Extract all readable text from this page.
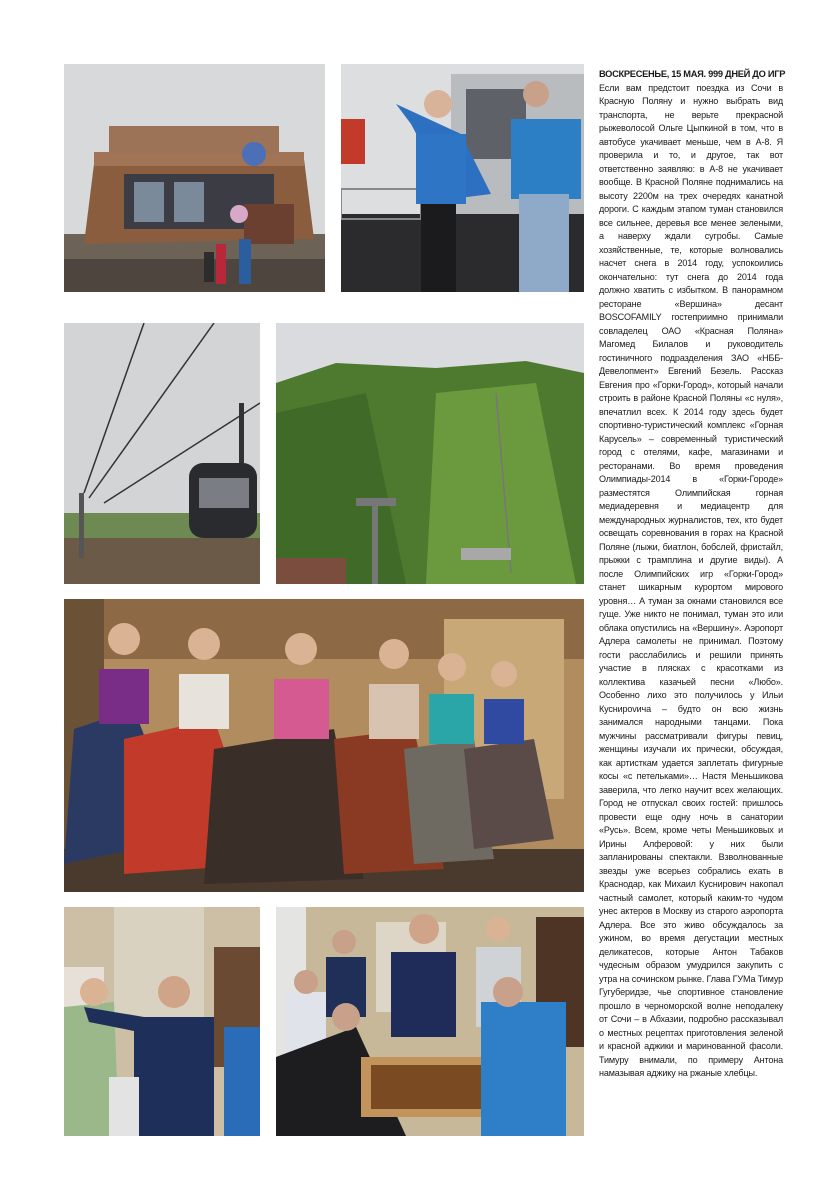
ВОСКРЕСЕНЬЕ, 15 МАЯ. 999 ДНЕЙ ДО ИГР

Если вам предстоит поездка из Сочи в Красную Поляну и нужно выбрать вид транспорта, не верьте прекрасной рыжеволосой Ольге Цыпкиной в том, что в автобусе укачивает меньше, чем в А-8. Я проверила и то, и другое, так вот ответственно заявляю: в А-8 не укачивает вообще. В Красной Поляне поднимались на высоту 2200м на трех очередях канатной дороги. С каждым этапом туман становился все сильнее, деревья все менее зелеными, а наверху ждали сугробы. Самые хозяйственные, те, которые волновались насчет снега в 2014 году, успокоились окончательно: тут снега до 2014 года должно хватить с избытком. В панорамном ресторане «Вершина» десант BOSCOFAMILY гостеприимно принимали совладелец ОАО «Красная Поляна» Магомед Билалов и руководитель гостиничного подразделения ЗАО «НББ-Девелопмент» Евгений Безель. Рассказ Евгения про «Горки-Город», который начали строить в районе Красной Поляны «с нуля», впечатлил всех. К 2014 году здесь будет спортивно-туристический комплекс «Горная Карусель» – современный туристический город с отелями, кафе, магазинами и ресторанами. Во время проведения Олимпиады-2014 в «Горки-Городе» разместятся Олимпийская горная медиадеревня и медиацентр для международных журналистов, тех, кто будет освещать соревнования в горах на Красной Поляне (лыжи, биатлон, бобслей, фристайл, прыжки с трамплина и другие виды). А после Олимпийских игр «Горки-Город» станет шикарным курортом мирового уровня… А туман за окнами становился все гуще. Уже никто не понимал, туман это или облака опустились на «Вершину». Аэропорт Адлера самолеты не принимал. Поэтому гости расслабились и решили принять участие в плясках с красотками из коллектива казачьей песни «Любо». Особенно лихо это получилось у Ильи Куснирovича – будто он всю жизнь занимался народными танцами. Пока мужчины рассматривали фигуры певиц, женщины изучали их прически, обсуждая, как артисткам удается заплетать фигурные косы «с петельками»… Настя Меньшикова заверила, что легко научит всех желающих. Город не отпускал своих гостей: пришлось провести еще одну ночь в санатории «Русь». Всем, кроме четы Меньшиковых и Ирины Алферовой: у них были запланированы спектакли. Взволнованные звезды уже всерьез собрались ехать в Краснодар, как Михаил Куснирович накопал частный самолет, который каким-то чудом унес актеров в Москву из старого аэропорта Адлера. Все это живо обсуждалось за ужином, во время дегустации местных деликатесов, которые Антон Табаков чудесным образом умудрился закупить с утра на сочинском рынке. Глава ГУМа Тимур Гугуберидзе, чье спортивное становление прошло в черноморской волне неподалеку от Сочи – в Абхазии, подробно рассказывал о местных рецептах приготовления зеленой и красной аджики и маринованной фасоли. Тимуру внимали, по примеру Антона намазывая аджику на ржаные хлебцы.
